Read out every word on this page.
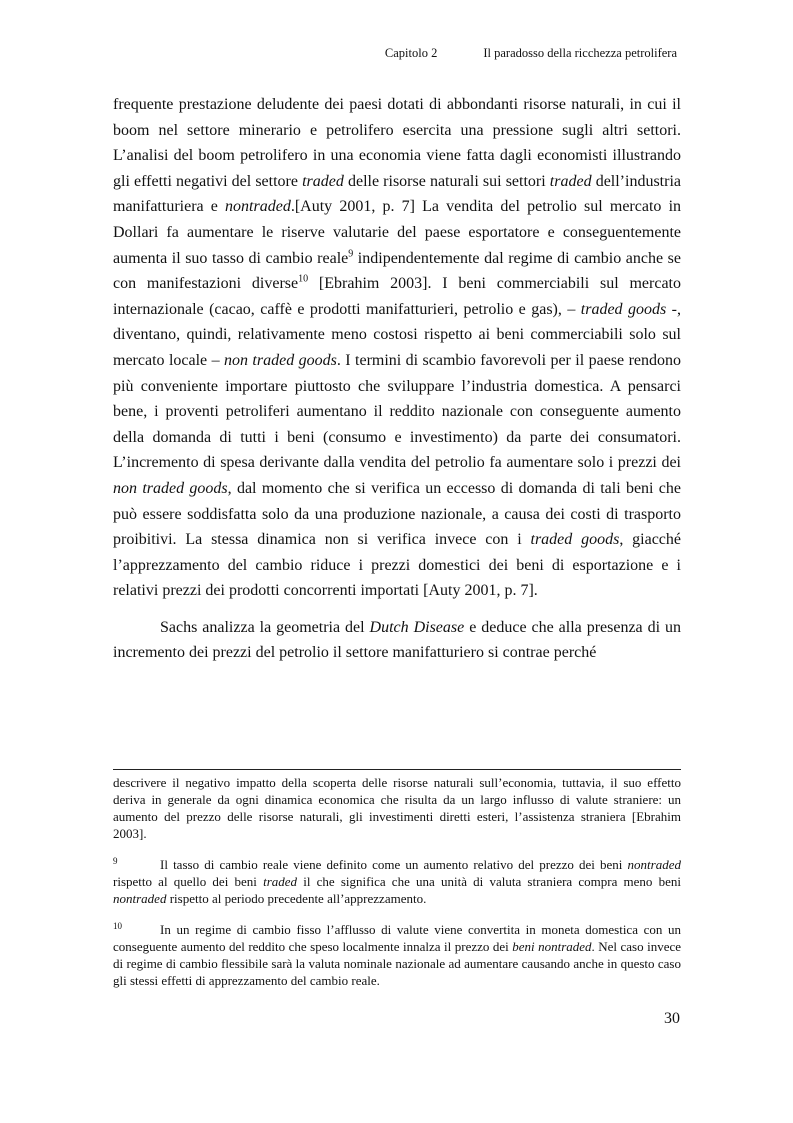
Capitolo 2	Il paradosso della ricchezza petrolifera

frequente prestazione deludente dei paesi dotati di abbondanti risorse naturali, in cui il boom nel settore minerario e petrolifero esercita una pressione sugli altri settori. L’analisi del boom petrolifero in una economia viene fatta dagli economisti illustrando gli effetti negativi del settore traded delle risorse naturali sui settori traded dell’industria manifatturiera e nontraded.[Auty 2001, p. 7] La vendita del petrolio sul mercato in Dollari fa aumentare le riserve valutarie del paese esportatore e conseguentemente aumenta il suo tasso di cambio reale$^9$ indipendentemente dal regime di cambio anche se con manifestazioni diverse$^{10}$ [Ebrahim 2003]. I beni commerciabili sul mercato internazionale (cacao, caffè e prodotti manifatturieri, petrolio e gas), – traded goods -, diventano, quindi, relativamente meno costosi rispetto ai beni commerciabili solo sul mercato locale – non traded goods. I termini di scambio favorevoli per il paese rendono più conveniente importare piuttosto che sviluppare l’industria domestica. A pensarci bene, i proventi petroliferi aumentano il reddito nazionale con conseguente aumento della domanda di tutti i beni (consumo e investimento) da parte dei consumatori. L’incremento di spesa derivante dalla vendita del petrolio fa aumentare solo i prezzi dei non traded goods, dal momento che si verifica un eccesso di domanda di tali beni che può essere soddisfatta solo da una produzione nazionale, a causa dei costi di trasporto proibitivi. La stessa dinamica non si verifica invece con i traded goods, giacché l’apprezzamento del cambio riduce i prezzi domestici dei beni di esportazione e i relativi prezzi dei prodotti concorrenti importati [Auty 2001, p. 7].

Sachs analizza la geometria del Dutch Disease e deduce che alla presenza di un incremento dei prezzi del petrolio il settore manifatturiero si contrae perché

descrivere il negativo impatto della scoperta delle risorse naturali sull’economia, tuttavia, il suo effetto deriva in generale da ogni dinamica economica che risulta da un largo influsso di valute straniere: un aumento del prezzo delle risorse naturali, gli investimenti diretti esteri, l’assistenza straniera [Ebrahim 2003].

9	Il tasso di cambio reale viene definito come un aumento relativo del prezzo dei beni nontraded rispetto al quello dei beni traded il che significa che una unità di valuta straniera compra meno beni nontraded rispetto al periodo precedente all’apprezzamento.

10	In un regime di cambio fisso l’afflusso di valute viene convertita in moneta domestica con un conseguente aumento del reddito che speso localmente innalza il prezzo dei beni nontraded. Nel caso invece di regime di cambio flessibile sarà la valuta nominale nazionale ad aumentare causando anche in questo caso gli stessi effetti di apprezzamento del cambio reale.

30
